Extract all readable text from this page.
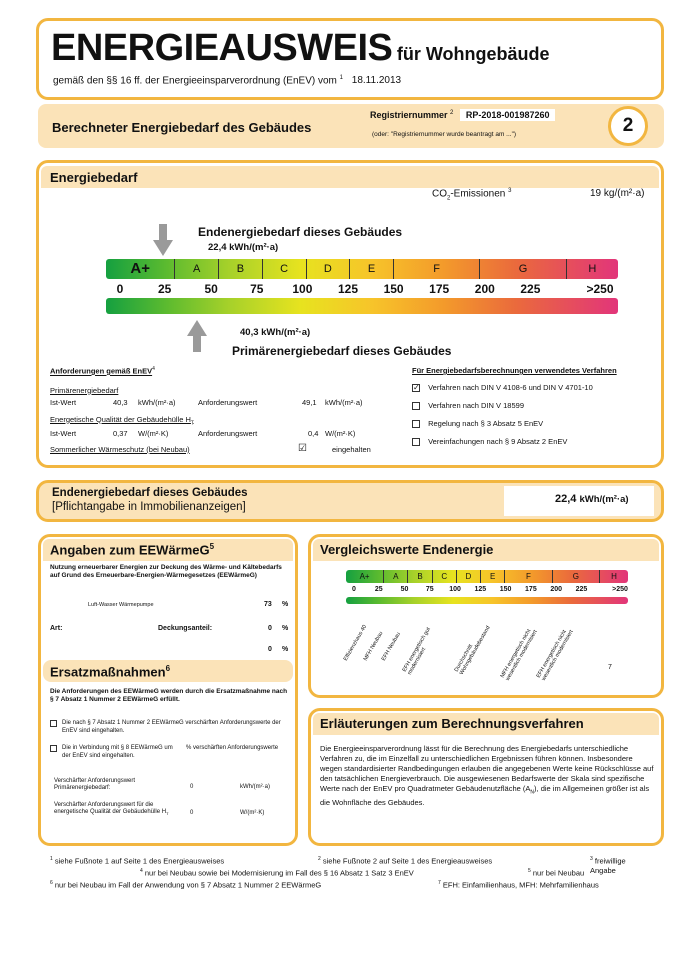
ENERGIEAUSWEIS für Wohngebäude
gemäß den §§ 16 ff. der Energieeinsparverordnung (EnEV) vom $^1$ 18.11.2013
Berechneter Energiebedarf des Gebäudes
Registriernummer $^2$ RP-2018-001987260
(oder: "Registriernummer wurde beantragt am ...")	2
Energiebedarf
$CO_2$-Emissionen $^3$	19 kg/(m²·a)
Endenergiebedarf dieses Gebäudes
22,4 kWh/(m²·a)
A+	A	B	C	D	E	F	G	H
0	25	50	75 100 125 150 175 200 225	>250
40,3 kWh/(m²·a)
Primärenergiebedarf dieses Gebäudes
Anforderungen gemäß EnEV$^4$
Primärenergiebedarf
Ist-Wert	40,3 kWh/(m²·a)	Anforderungswert	49,1 kWh/(m²·a)
Energetische Qualität der Gebäudehülle $H_T$
Ist-Wert	0,37 W/(m²·K)	Anforderungswert	0,4 W/(m²·K)
Sommerlicher Wärmeschutz (bei Neubau)	☑	eingehalten
Für Energiebedarfsberechnungen verwendetes Verfahren
✓ Verfahren nach DIN V 4108-6 und DIN V 4701-10
Verfahren nach DIN V 18599
Regelung nach § 3 Absatz 5 EnEV
Vereinfachungen nach § 9 Absatz 2 EnEV
Endenergiebedarf dieses Gebäudes
[Pflichtangabe in Immobilienanzeigen]
22,4 kWh/(m²·a)
Angaben zum EEWärmeG$^5$
Nutzung erneuerbarer Energien zur Deckung des Wärme- und Kältebedarfs auf Grund des Erneuerbare-Energien-Wärmegesetzes (EEWärmeG)
Luft-Wasser Wärmepumpe	73 %
Art:	Deckungsanteil:	0 %
0 %
Ersatzmaßnahmen$^6$
Die Anforderungen des EEWärmeG werden durch die Ersatzmaßnahme nach § 7 Absatz 1 Nummer 2 EEWärmeG erfüllt.
Die nach § 7 Absatz 1 Nummer 2 EEWärmeG verschärften Anforderungswerte der EnEV sind eingehalten.
Die in Verbindung mit § 8 EEWärmeG um        % verschärften Anforderungswerte der EnEV sind eingehalten.
Verschärfter Anforderungswert Primärenergiebedarf:	0	kWh/(m²·a)
Verschärfter Anforderungswert für die energetische Qualität der Gebäudehülle $H_T$	0	W/(m²·K)
Vergleichswerte Endenergie
A+	A	B	C	D	E	F	G	H
0	25	50 75 100 125 150 175 200 225	>250
Effizienzhaus 40
MFH Neubau
EFH Neubau EFH energetisch gut modernisiert	Durchschnitt Wohngebäudebestand	MFH energetisch nicht wesentlich modernisiert
EFH energetisch nicht wesentlich modernisiert	7
Erläuterungen zum Berechnungsverfahren
Die Energieeinsparverordnung lässt für die Berechnung des Energiebedarfs unterschiedliche Verfahren zu, die im Einzelfall zu unterschiedlichen Ergebnissen führen können. Insbesondere wegen standardisierter Randbedingungen erlauben die angegebenen Werte keine Rückschlüsse auf den tatsächlichen Energieverbrauch. Die ausgewiesenen Bedarfswerte der Skala sind spezifische Werte nach der EnEV pro Quadratmeter Gebäudenutzfläche $(A_N)$, die im Allgemeinen größer ist als die Wohnfläche des Gebäudes.
$^1$ siehe Fußnote 1 auf Seite 1 des Energieausweises	$^2$ siehe Fußnote 2 auf Seite 1 des Energieausweises	$^3$ freiwillige Angabe
$^4$ nur bei Neubau sowie bei Modernisierung im Fall des § 16 Absatz 1 Satz 3 EnEV	$^5$ nur bei Neubau
$^6$ nur bei Neubau im Fall der Anwendung von § 7 Absatz 1 Nummer 2 EEWärmeG	$^7$ EFH: Einfamilienhaus, MFH: Mehrfamilienhaus
